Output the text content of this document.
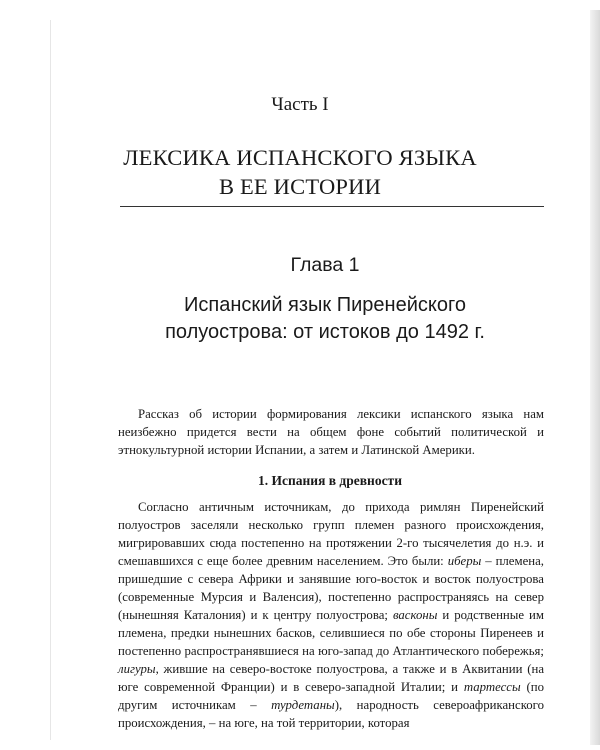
Часть I
ЛЕКСИКА ИСПАНСКОГО ЯЗЫКА
В ЕЕ ИСТОРИИ
Глава 1
Испанский язык Пиренейского
полуострова: от истоков до 1492 г.

Рассказ об истории формирования лексики испанского языка нам неизбежно придется вести на общем фоне событий политической и этнокультурной истории Испании, а затем и Латинской Америки.

1. Испания в древности

Согласно античным источникам, до прихода римлян Пиренейский полуостров заселяли несколько групп племен разного происхождения, мигрировавших сюда постепенно на протяжении 2-го тысячелетия до н.э. и смешавшихся с еще более древним населением. Это были: иберы – племена, пришедшие с севера Африки и занявшие юго-восток и восток полуострова (современные Мурсия и Валенсия), постепенно распространяясь на север (нынешняя Каталония) и к центру полуострова; васконы и родственные им племена, предки нынешних басков, селившиеся по обе стороны Пиренеев и постепенно распространявшиеся на юго-запад до Атлантического побережья; лигуры, жившие на северо-востоке полуострова, а также и в Аквитании (на юге современной Франции) и в северо-западной Италии; и тартессы (по другим источникам – турдетаны), народность североафриканского происхождения, – на юге, на той территории, которая
